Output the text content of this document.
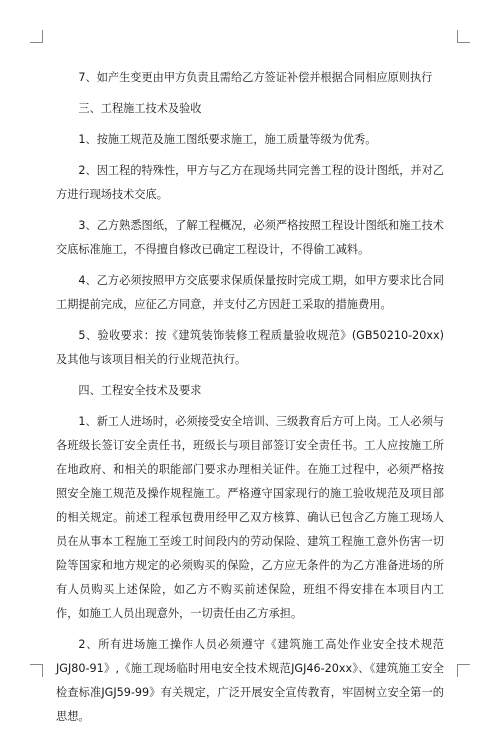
7、如产生变更由甲方负责且需给乙方签证补偿并根据合同相应原则执行

三、工程施工技术及验收

1、按施工规范及施工图纸要求施工，施工质量等级为优秀。

2、因工程的特殊性，甲方与乙方在现场共同完善工程的设计图纸，并对乙方进行现场技术交底。

3、乙方熟悉图纸，了解工程概况，必须严格按照工程设计图纸和施工技术交底标准施工，不得擅自修改已确定工程设计，不得偷工减料。

4、乙方必须按照甲方交底要求保质保量按时完成工期，如甲方要求比合同工期提前完成，应征乙方同意，并支付乙方因赶工采取的措施费用。

5、验收要求：按《建筑装饰装修工程质量验收规范》(GB50210-20xx)及其他与该项目相关的行业规范执行。

四、工程安全技术及要求

1、新工人进场时，必须接受安全培训、三级教育后方可上岗。工人必须与各班级长签订安全责任书，班级长与项目部签订安全责任书。工人应按施工所在地政府、和相关的职能部门要求办理相关证件。在施工过程中，必须严格按照安全施工规范及操作规程施工。严格遵守国家现行的施工验收规范及项目部的相关规定。前述工程承包费用经甲乙双方核算、确认已包含乙方施工现场人员在从事本工程施工至竣工时间段内的劳动保险、建筑工程施工意外伤害一切险等国家和地方规定的必须购买的保险，乙方应无条件的为乙方准备进场的所有人员购买上述保险，如乙方不购买前述保险，班组不得安排在本项目内工作，如施工人员出现意外，一切责任由乙方承担。

2、所有进场施工操作人员必须遵守《建筑施工高处作业安全技术规范JGJ80-91》,《施工现场临时用电安全技术规范JGJ46-20xx》、《建筑施工安全检查标准JGJ59-99》有关规定，广泛开展安全宣传教育，牢固树立安全第一的思想。
